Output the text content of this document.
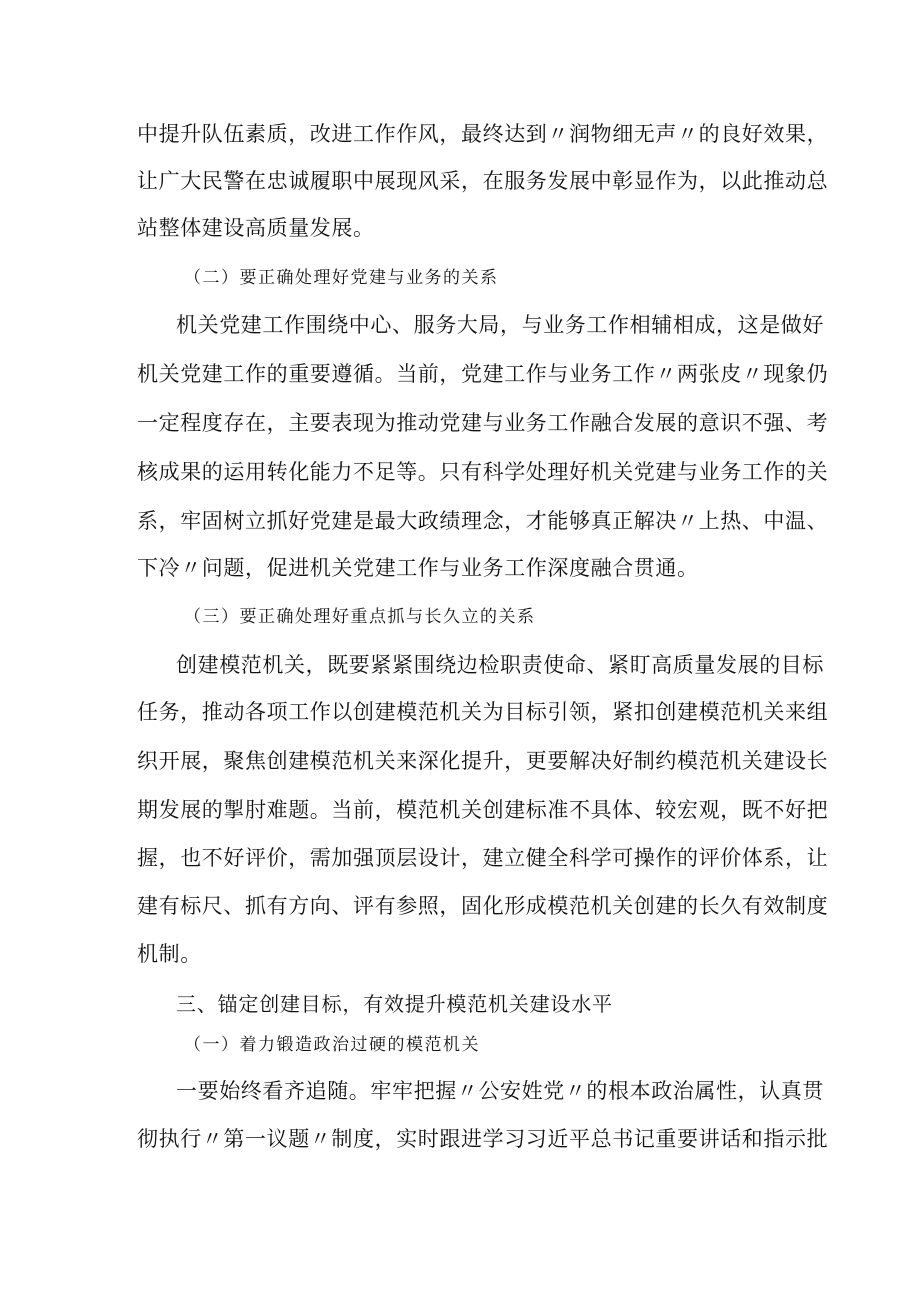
中提升队伍素质，改进工作作风，最终达到〃润物细无声〃的良好效果，
让广大民警在忠诚履职中展现风采，在服务发展中彰显作为，以此推动总
站整体建设高质量发展。
（二）要正确处理好党建与业务的关系
机关党建工作围绕中心、服务大局，与业务工作相辅相成，这是做好
机关党建工作的重要遵循。当前，党建工作与业务工作〃两张皮〃现象仍
一定程度存在，主要表现为推动党建与业务工作融合发展的意识不强、考
核成果的运用转化能力不足等。只有科学处理好机关党建与业务工作的关
系，牢固树立抓好党建是最大政绩理念，才能够真正解决〃上热、中温、
下冷〃问题，促进机关党建工作与业务工作深度融合贯通。
（三）要正确处理好重点抓与长久立的关系
创建模范机关，既要紧紧围绕边检职责使命、紧盯高质量发展的目标
任务，推动各项工作以创建模范机关为目标引领，紧扣创建模范机关来组
织开展，聚焦创建模范机关来深化提升，更要解决好制约模范机关建设长
期发展的掣肘难题。当前，模范机关创建标准不具体、较宏观，既不好把
握，也不好评价，需加强顶层设计，建立健全科学可操作的评价体系，让
建有标尺、抓有方向、评有参照，固化形成模范机关创建的长久有效制度
机制。
三、锚定创建目标，有效提升模范机关建设水平
（一）着力锻造政治过硬的模范机关
一要始终看齐追随。牢牢把握〃公安姓党〃的根本政治属性，认真贯
彻执行〃第一议题〃制度，实时跟进学习习近平总书记重要讲话和指示批
